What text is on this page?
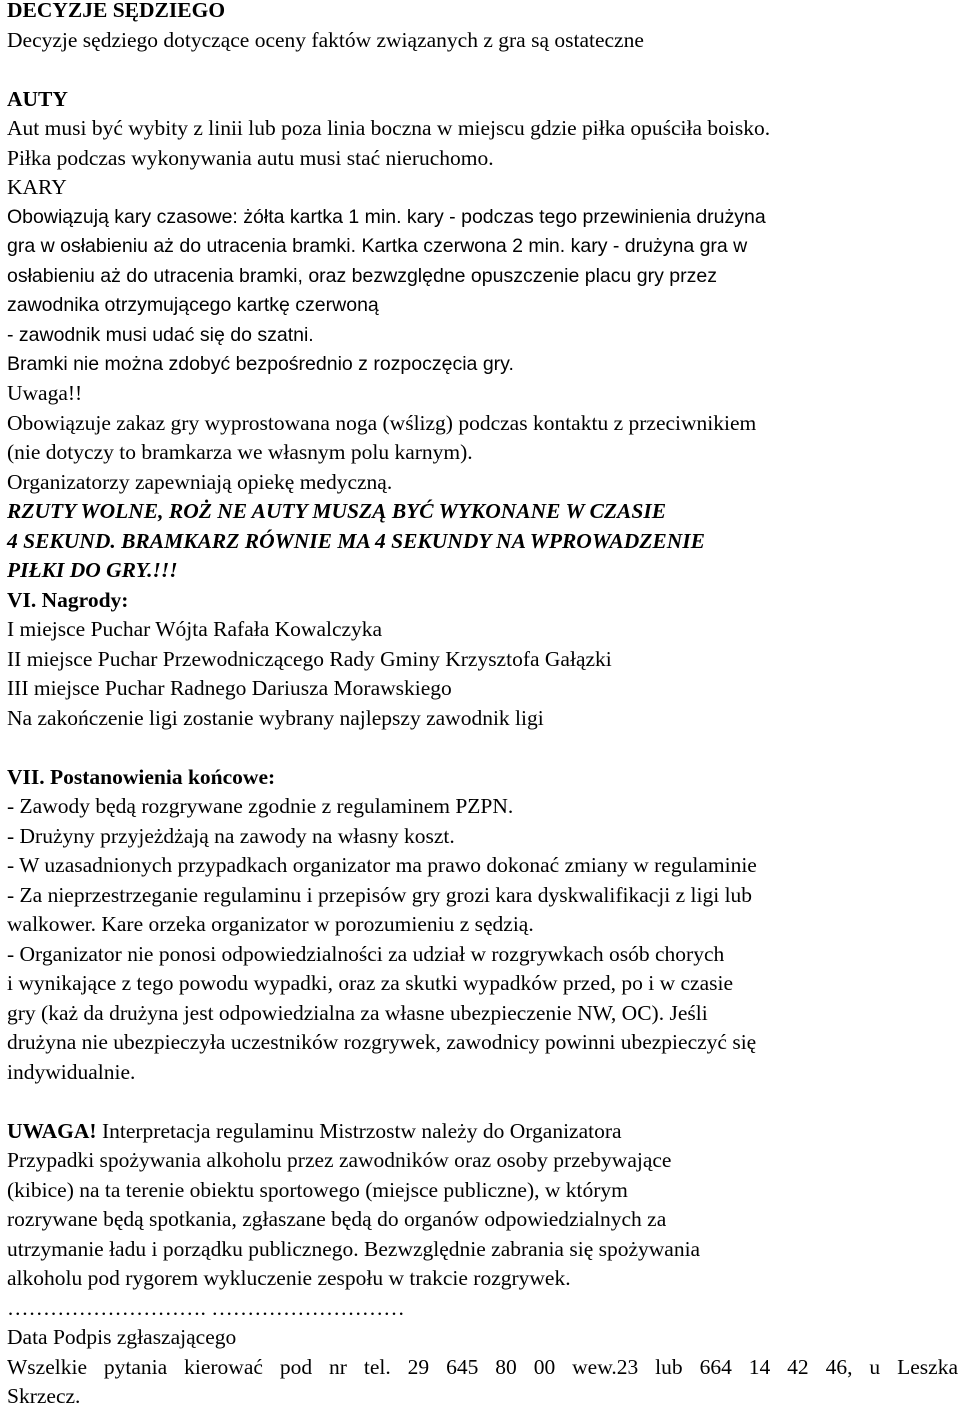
DECYZJE SĘDZIEGO

Decyzje sędziego dotyczące oceny faktów związanych z gra są ostateczne

AUTY

Aut musi być wybity z linii lub poza linia boczna w miejscu gdzie piłka opuściła boisko.

Piłka podczas wykonywania autu musi stać nieruchomo.

KARY

Obowiązują kary czasowe: żółta kartka 1 min. kary - podczas tego przewinienia drużyna

gra w osłabieniu aż do utracenia bramki. Kartka czerwona 2 min. kary - drużyna gra w

osłabieniu aż do utracenia bramki, oraz bezwzględne opuszczenie placu gry przez

zawodnika otrzymującego kartkę czerwoną

- zawodnik musi udać się do szatni.

Bramki nie można zdobyć bezpośrednio z rozpoczęcia gry.

Uwaga!!

Obowiązuje zakaz gry wyprostowana noga (wślizg) podczas kontaktu z przeciwnikiem

(nie dotyczy to bramkarza we własnym polu karnym).

Organizatorzy zapewniają opiekę medyczną.

RZUTY WOLNE, ROŻ NE AUTY MUSZĄ BYĆ WYKONANE W CZASIE

4 SEKUND. BRAMKARZ RÓWNIE MA 4 SEKUNDY NA WPROWADZENIE

PIŁKI DO GRY.!!!

VI. Nagrody:

I miejsce Puchar Wójta Rafała Kowalczyka

II miejsce Puchar Przewodniczącego Rady Gminy Krzysztofa Gałązki

III miejsce Puchar Radnego Dariusza Morawskiego

Na zakończenie ligi zostanie wybrany najlepszy zawodnik ligi

VII. Postanowienia końcowe:

- Zawody będą rozgrywane zgodnie z regulaminem PZPN.

- Drużyny przyjeżdżają na zawody na własny koszt.

- W uzasadnionych przypadkach organizator ma prawo dokonać zmiany w regulaminie

- Za nieprzestrzeganie regulaminu i przepisów gry grozi kara dyskwalifikacji z ligi lub

walkower. Kare orzeka organizator w porozumieniu z sędzią.

- Organizator nie ponosi odpowiedzialności za udział w rozgrywkach osób chorych

i wynikające z tego powodu wypadki, oraz za skutki wypadków przed, po i w czasie

gry (każ da drużyna jest odpowiedzialna za własne ubezpieczenie NW, OC). Jeśli

drużyna nie ubezpieczyła uczestników rozgrywek, zawodnicy powinni ubezpieczyć się

indywidualnie.

UWAGA! Interpretacja regulaminu Mistrzostw należy do Organizatora

Przypadki spożywania alkoholu przez zawodników oraz osoby przebywające

(kibice) na ta terenie obiektu sportowego (miejsce publiczne), w którym

rozrywane będą spotkania, zgłaszane będą do organów odpowiedzialnych za

utrzymanie ładu i porządku publicznego. Bezwzględnie zabrania się spożywania

alkoholu pod rygorem wykluczenie zespołu w trakcie rozgrywek.

………………………. ………………………

Data Podpis zgłaszającego

Wszelkie pytania kierować pod nr tel. 29 645 80 00 wew.23 lub 664 14 42 46, u Leszka

Skrzecz.
